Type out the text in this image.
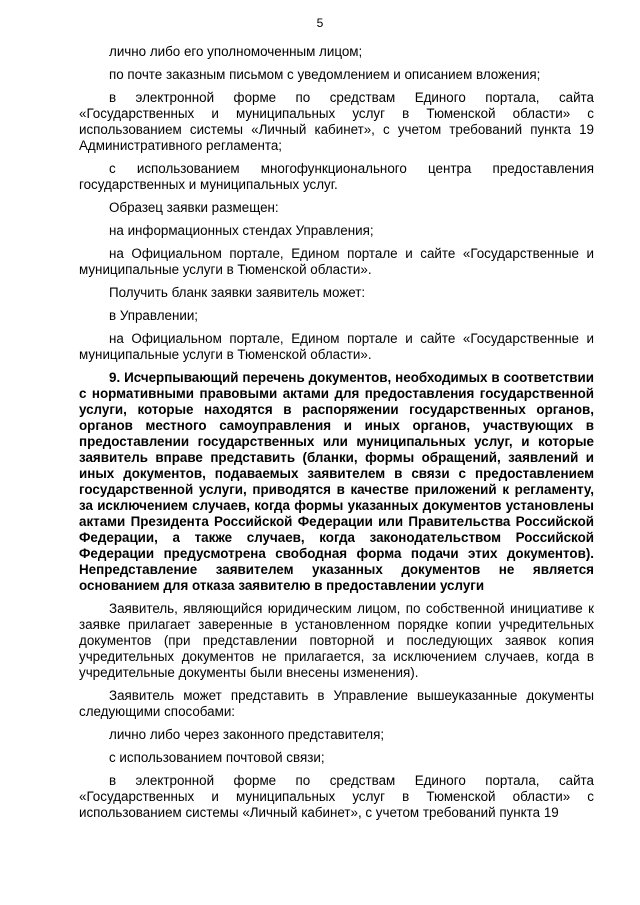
5

лично либо его уполномоченным лицом;

по почте заказным письмом с уведомлением и описанием вложения;

в электронной форме по средствам Единого портала, сайта «Государственных и муниципальных услуг в Тюменской области» с использованием системы «Личный кабинет», с учетом требований пункта 19 Административного регламента;

с использованием многофункционального центра предоставления государственных и муниципальных услуг.

Образец заявки размещен:

на информационных стендах Управления;

на Официальном портале, Едином портале и сайте «Государственные и муниципальные услуги в Тюменской области».

Получить бланк заявки заявитель может:

в Управлении;

на Официальном портале, Едином портале и сайте «Государственные и муниципальные услуги в Тюменской области».

9. Исчерпывающий перечень документов, необходимых в соответствии с нормативными правовыми актами для предоставления государственной услуги, которые находятся в распоряжении государственных органов, органов местного самоуправления и иных органов, участвующих в предоставлении государственных или муниципальных услуг, и которые заявитель вправе представить (бланки, формы обращений, заявлений и иных документов, подаваемых заявителем в связи с предоставлением государственной услуги, приводятся в качестве приложений к регламенту, за исключением случаев, когда формы указанных документов установлены актами Президента Российской Федерации или Правительства Российской Федерации, а также случаев, когда законодательством Российской Федерации предусмотрена свободная форма подачи этих документов). Непредставление заявителем указанных документов не является основанием для отказа заявителю в предоставлении услуги

Заявитель, являющийся юридическим лицом, по собственной инициативе к заявке прилагает заверенные в установленном порядке копии учредительных документов (при представлении повторной и последующих заявок копия учредительных документов не прилагается, за исключением случаев, когда в учредительные документы были внесены изменения).

Заявитель может представить в Управление вышеуказанные документы следующими способами:

лично либо через законного представителя;

с использованием почтовой связи;

в электронной форме по средствам Единого портала, сайта «Государственных и муниципальных услуг в Тюменской области» с использованием системы «Личный кабинет», с учетом требований пункта 19
